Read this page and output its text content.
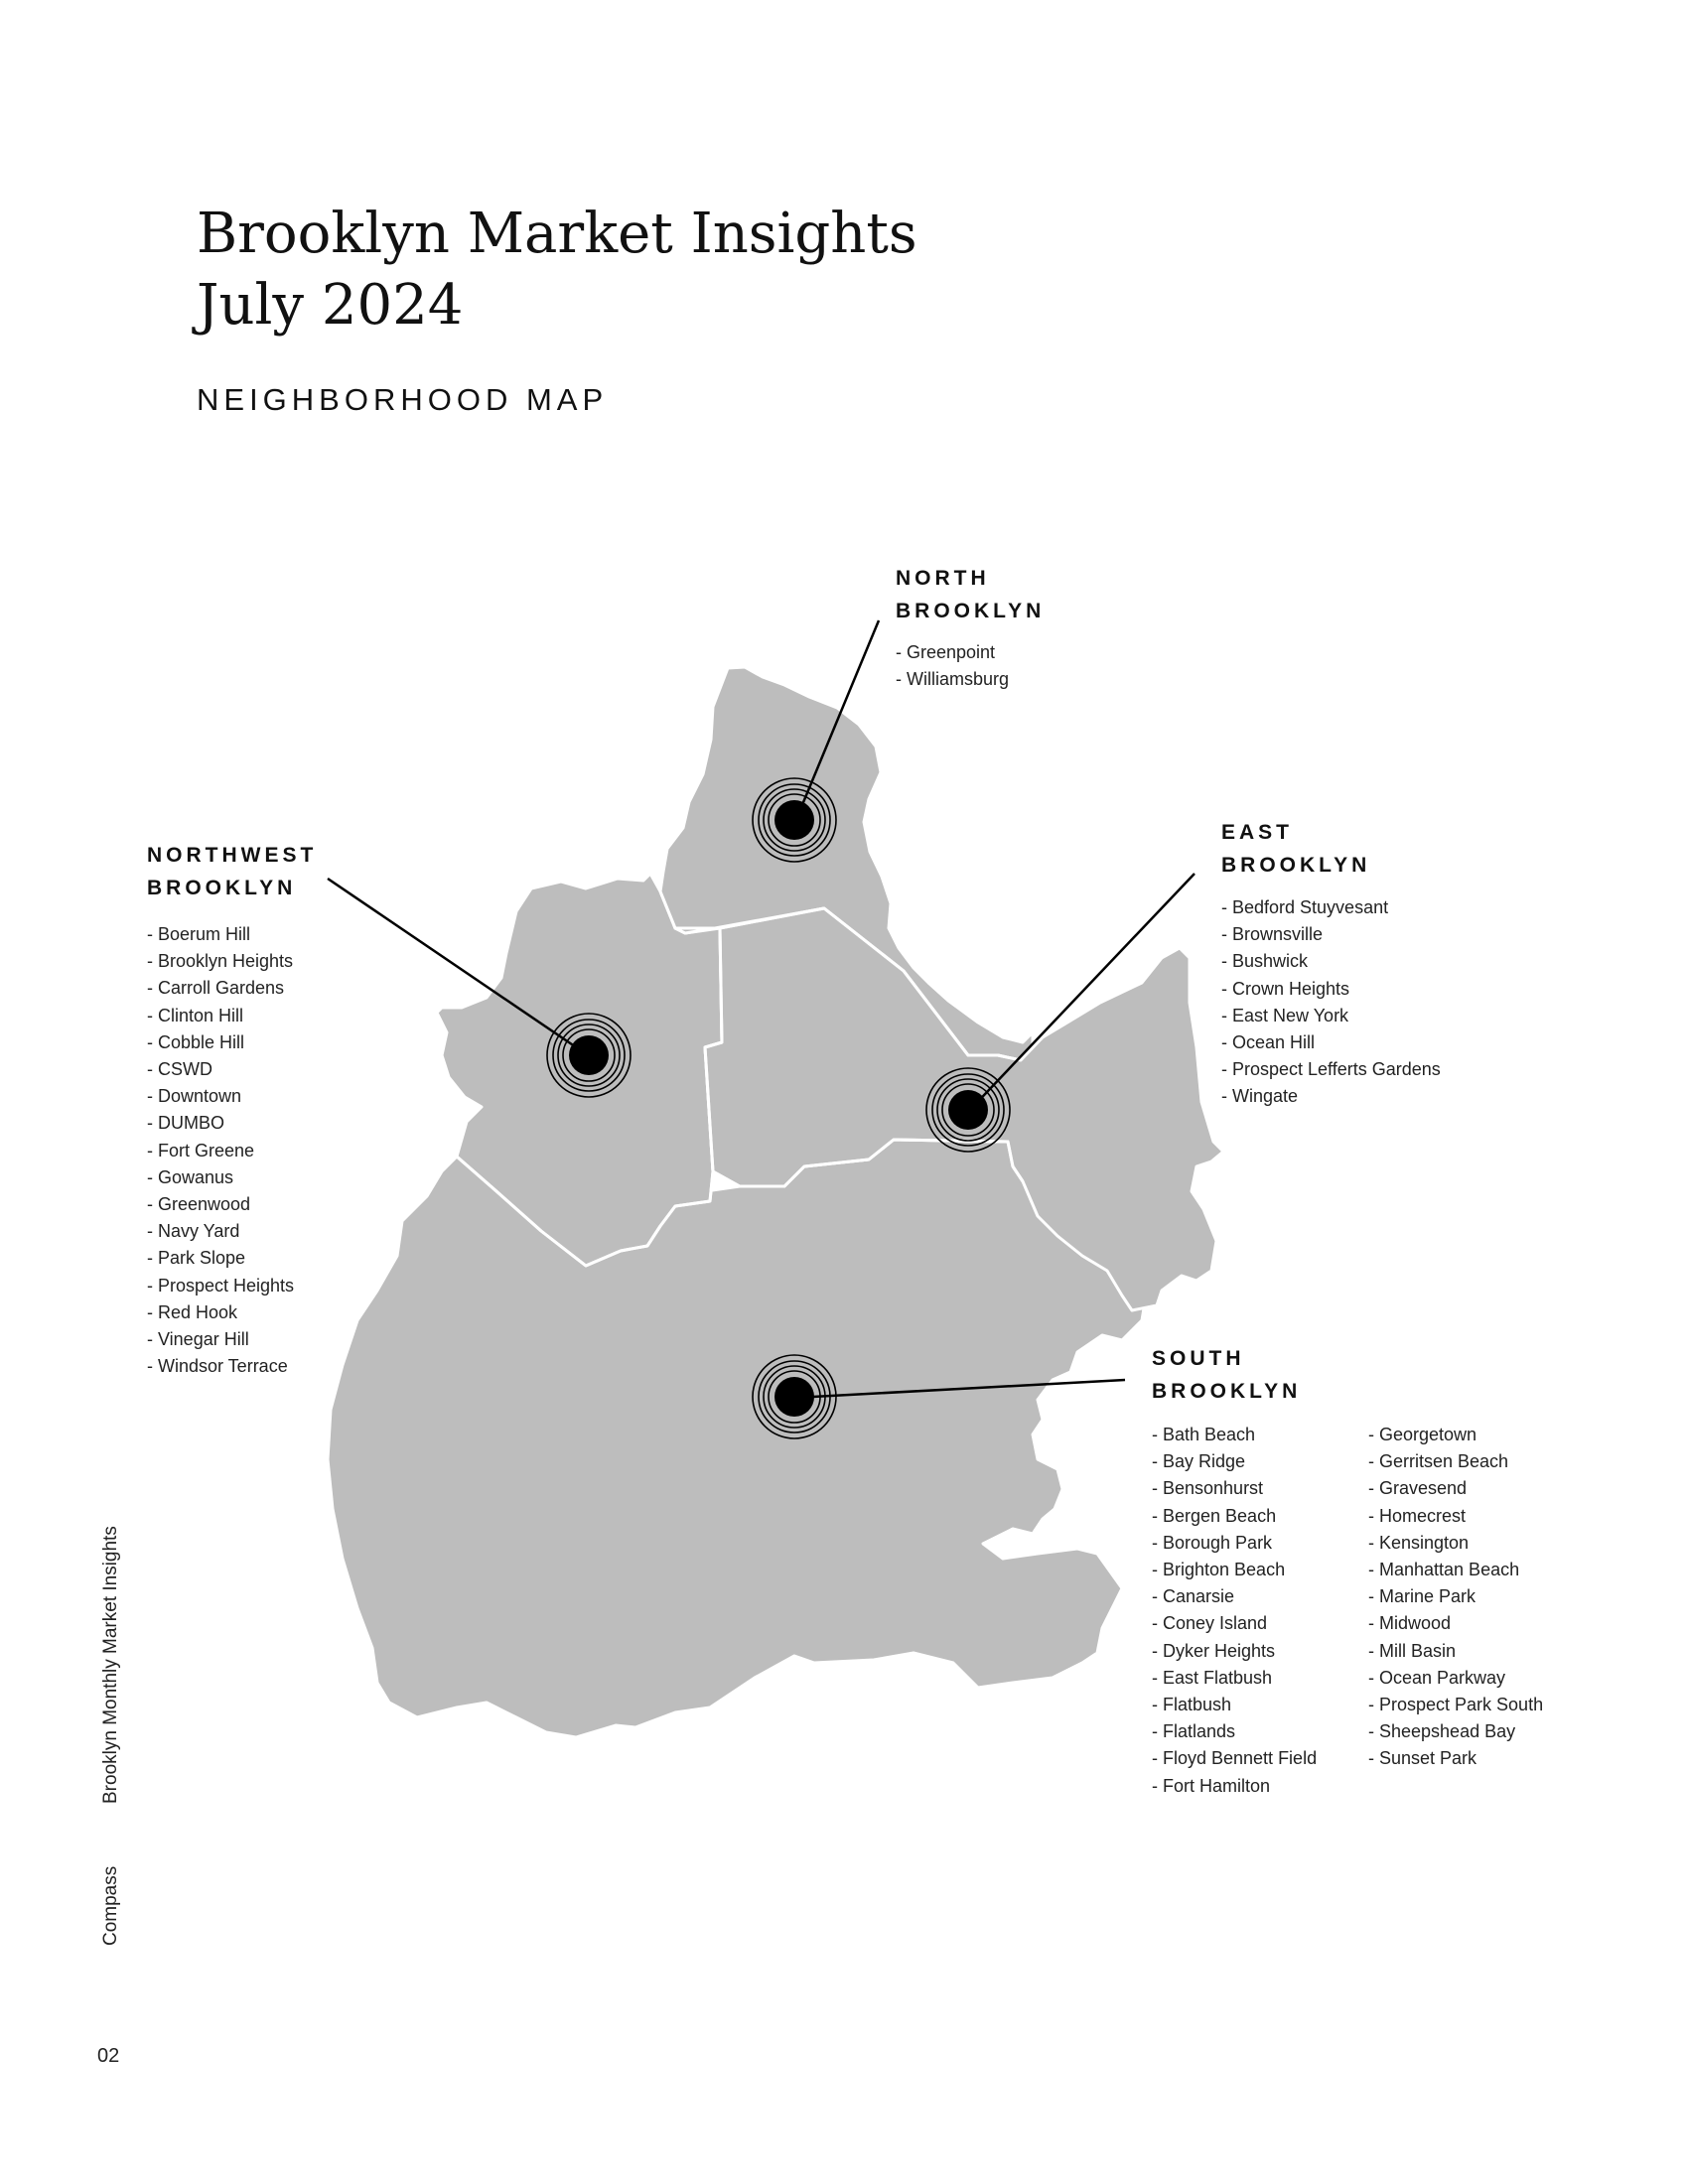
Brooklyn Market Insights
July 2024
NEIGHBORHOOD MAP
NORTH
BROOKLYN
- Greenpoint
- Williamsburg
NORTHWEST
BROOKLYN
- Boerum Hill
- Brooklyn Heights
- Carroll Gardens
- Clinton Hill
- Cobble Hill
- CSWD
- Downtown
- DUMBO
- Fort Greene
- Gowanus
- Greenwood
- Navy Yard
- Park Slope
- Prospect Heights
- Red Hook
- Vinegar Hill
- Windsor Terrace
EAST
BROOKLYN
- Bedford Stuyvesant
- Brownsville
- Bushwick
- Crown Heights
- East New York
- Ocean Hill
- Prospect Lefferts Gardens
- Wingate
SOUTH
BROOKLYN
- Bath Beach
- Bay Ridge
- Bensonhurst
- Bergen Beach
- Borough Park
- Brighton Beach
- Canarsie
- Coney Island
- Dyker Heights
- East Flatbush
- Flatbush
- Flatlands
- Floyd Bennett Field
- Fort Hamilton
- Georgetown
- Gerritsen Beach
- Gravesend
- Homecrest
- Kensington
- Manhattan Beach
- Marine Park
- Midwood
- Mill Basin
- Ocean Parkway
- Prospect Park South
- Sheepshead Bay
- Sunset Park
Brooklyn Monthly Market Insights
Compass
02
